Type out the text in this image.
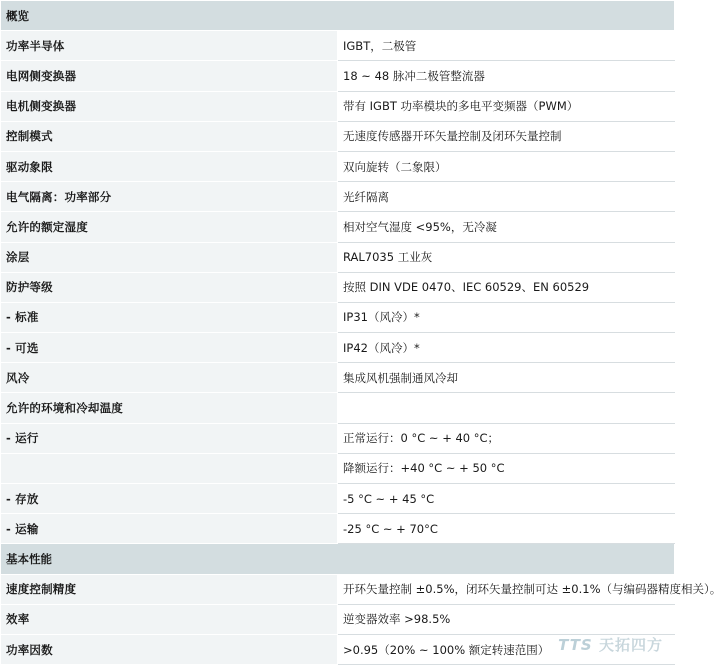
概览	
功率半导体	IGBT，二极管
电网侧变换器	18 ~ 48 脉冲二极管整流器
电机侧变换器	带有 IGBT 功率模块的多电平变频器（PWM）
控制模式	无速度传感器开环矢量控制及闭环矢量控制
驱动象限	双向旋转（二象限）
电气隔离：功率部分	光纤隔离
允许的额定湿度	相对空气湿度 <95%，无冷凝
涂层	RAL7035 工业灰
防护等级	按照 DIN VDE 0470、IEC 60529、EN 60529
- 标准	IP31（风冷）*
- 可选	IP42（风冷）*
风冷	集成风机强制通风冷却
允许的环境和冷却温度	
- 运行	正常运行：0 °C ~ + 40 °C；
	降额运行：+40 °C ~ + 50 °C
- 存放	-5 °C ~ + 45 °C
- 运输	-25 °C ~ + 70°C
基本性能	
速度控制精度	开环矢量控制 ±0.5%，闭环矢量控制可达 ±0.1%（与编码器精度相关）。
效率	逆变器效率 >98.5%
功率因数	>0.95（20% ~ 100% 额定转速范围） TTS 天拓四方
